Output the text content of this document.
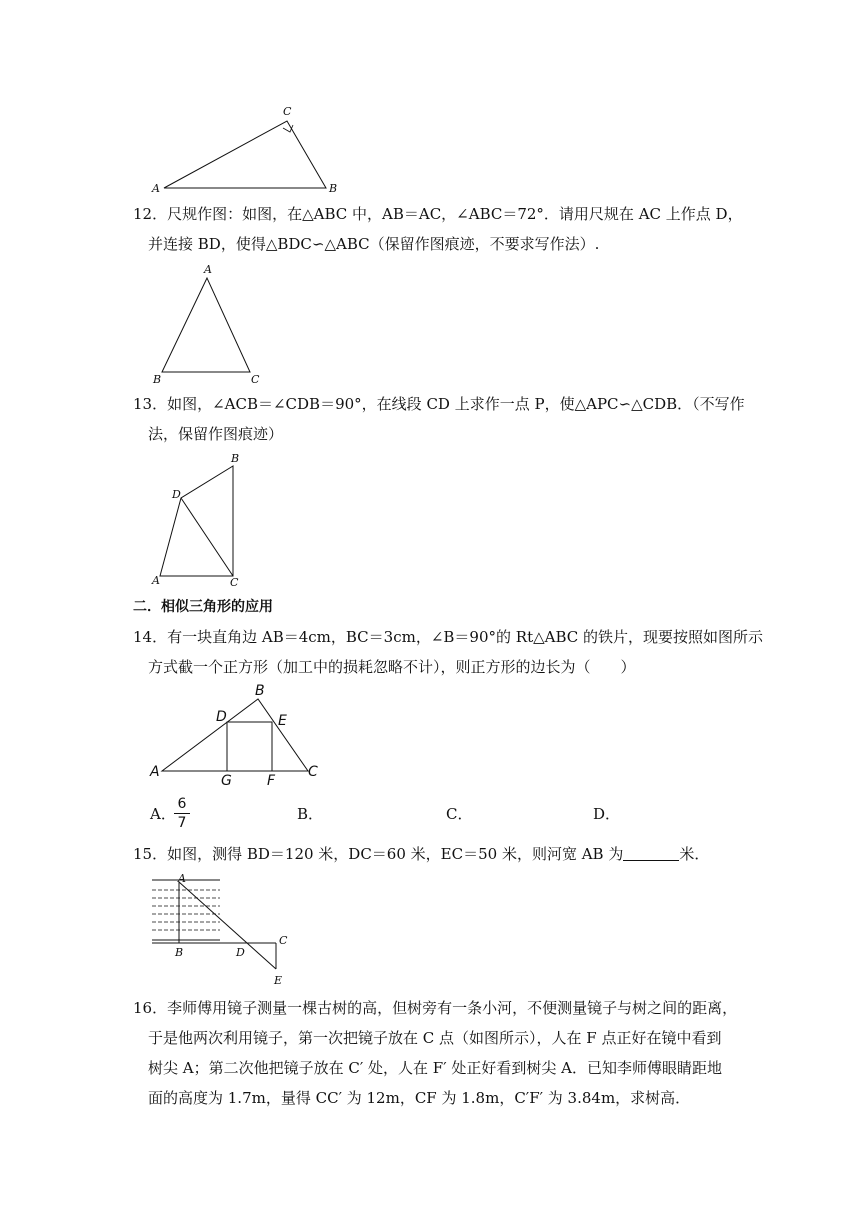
A	B
C
12．尺规作图：如图，在△ABC 中，AB＝AC，∠ABC＝72°．请用尺规在 AC 上作点 D，
并连接 BD，使得△BDC∽△ABC（保留作图痕迹，不要求写作法）.
A
B	C
13．如图，∠ACB＝∠CDB＝90°，在线段 CD 上求作一点 P，使△APC∽△CDB．（不写作
法，保留作图痕迹）
A
B
C
D
二．相似三角形的应用
14．有一块直角边 AB＝4cm，BC＝3cm，∠B＝90°的 Rt△ABC 的铁片，现要按照如图所示
方式截一个正方形（加工中的损耗忽略不计），则正方形的边长为（　　）
A
B
C
D	E
F
G
A．
6
7	B．	C．	D．
15．如图，测得 BD＝120 米，DC＝60 米，EC＝50 米，则河宽 AB 为	米．
A
B
C
D
E
16．李师傅用镜子测量一棵古树的高，但树旁有一条小河，不便测量镜子与树之间的距离，
于是他两次利用镜子，第一次把镜子放在 C 点（如图所示），人在 F 点正好在镜中看到
树尖 A；第二次他把镜子放在 C′ 处，人在 F′ 处正好看到树尖 A．已知李师傅眼睛距地
面的高度为 1.7m，量得 CC′ 为 12m，CF 为 1.8m，C′F′ 为 3.84m，求树高．
